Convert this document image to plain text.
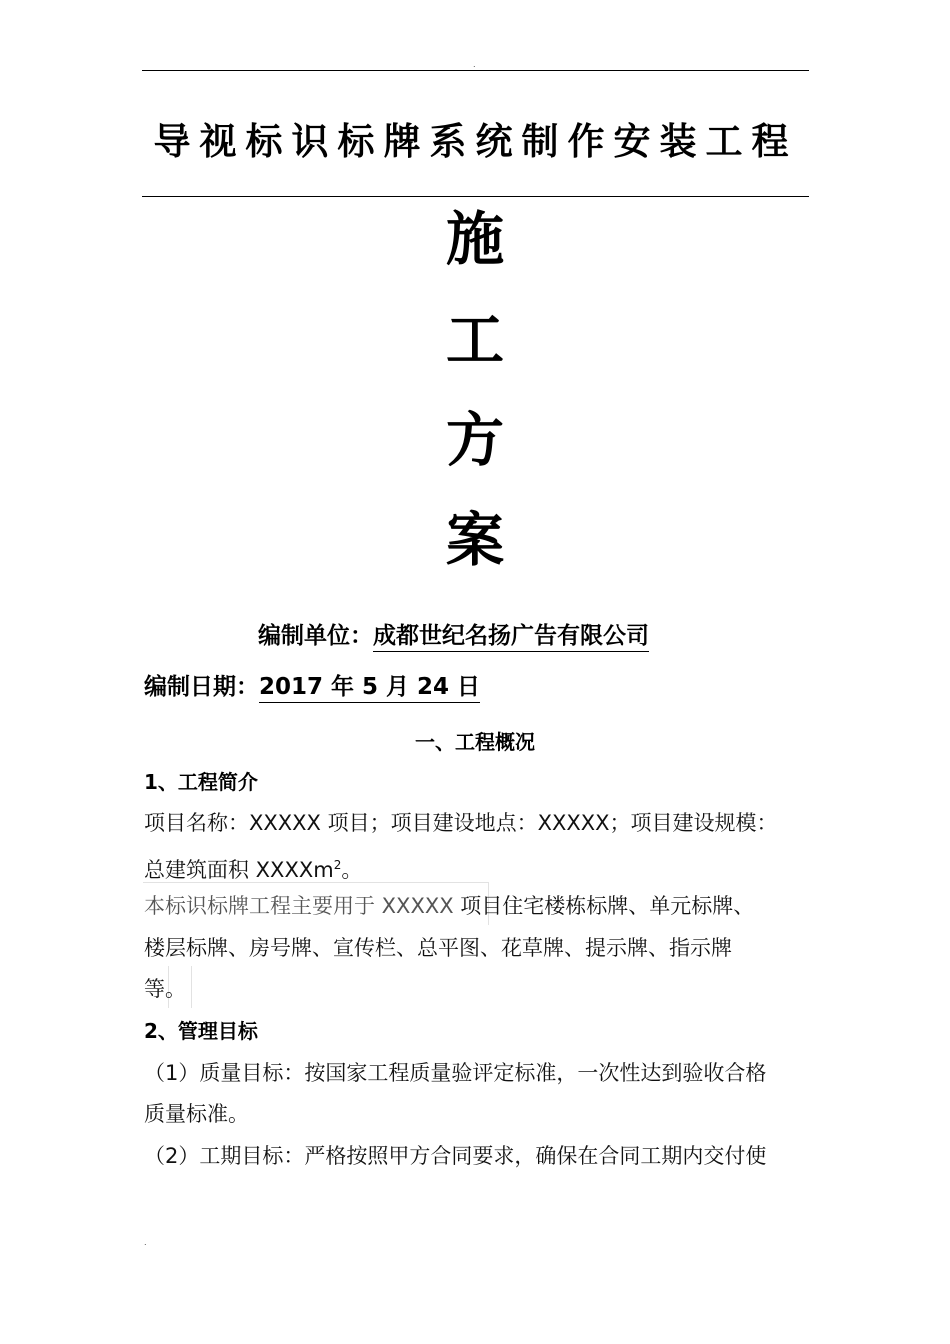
.
导视标识标牌系统制作安装工程
施
工
方
案
编制单位：成都世纪名扬广告有限公司
编制日期：2017 年 5 月 24 日
一、工程概况
1、工程简介
项目名称：XXXXX 项目；项目建设地点：XXXXX；项目建设规模：
总建筑面积 XXXXm$^2$。
本标识标牌工程主要用于 XXXXX 项目住宅楼栋标牌、单元标牌、
楼层标牌、房号牌、宣传栏、总平图、花草牌、提示牌、指示牌
等。
2、管理目标
（1）质量目标：按国家工程质量验评定标准，一次性达到验收合格
质量标准。
（2）工期目标：严格按照甲方合同要求，确保在合同工期内交付使
.
